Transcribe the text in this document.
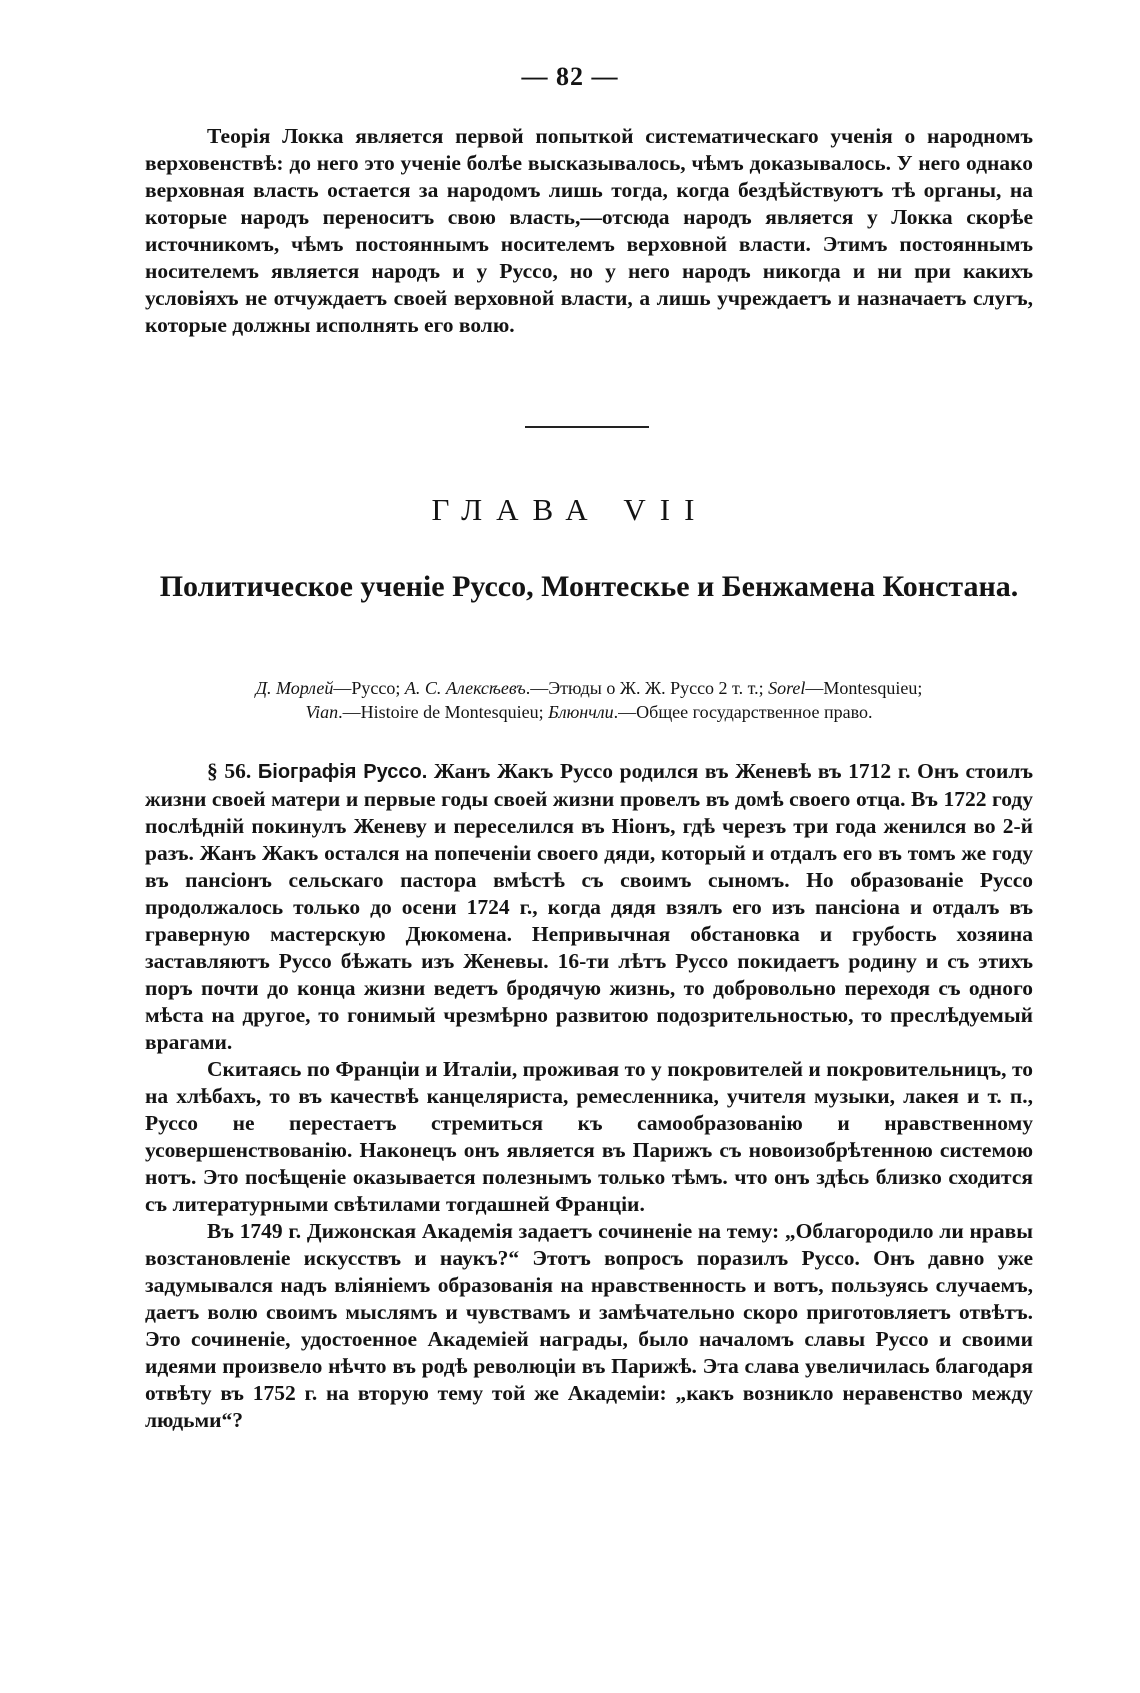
— 82 —

Теорія Локка является первой попыткой систематическаго ученія о народномъ верховенствѣ: до него это ученіе болѣе высказывалось, чѣмъ доказывалось. У него однако верховная власть остается за народомъ лишь тогда, когда бездѣйствуютъ тѣ органы, на которые народъ переноситъ свою власть,—отсюда народъ является у Локка скорѣе источникомъ, чѣмъ постояннымъ носителемъ верховной власти. Этимъ постояннымъ носителемъ является народъ и у Руссо, но у него народъ никогда и ни при какихъ условіяхъ не отчуждаетъ своей верховной власти, а лишь учреждаетъ и назначаетъ слугъ, которые должны исполнять его волю.

ГЛАВА VII
Политическое ученіе Руссо, Монтескье и Бенжамена Констана.
Д. Морлей—Руссо; А. С. Алексѣевъ.—Этюды о Ж. Ж. Руссо 2 т. т.; Sorel—Montesquieu;
Vian.—Histoire de Montesquieu; Блюнчли.—Общее государственное право.

§ 56. Біографія Руссо. Жанъ Жакъ Руссо родился въ Женевѣ въ 1712 г. Онъ стоилъ жизни своей матери и первые годы своей жизни провелъ въ домѣ своего отца. Въ 1722 году послѣдній покинулъ Женеву и переселился въ Ніонъ, гдѣ черезъ три года женился во 2-й разъ. Жанъ Жакъ остался на попеченіи своего дяди, который и отдалъ его въ томъ же году въ пансіонъ сельскаго пастора вмѣстѣ съ своимъ сыномъ. Но образованіе Руссо продолжалось только до осени 1724 г., когда дядя взялъ его изъ пансіона и отдалъ въ граверную мастерскую Дюкомена. Непривычная обстановка и грубость хозяина заставляютъ Руссо бѣжать изъ Женевы. 16-ти лѣтъ Руссо покидаетъ родину и съ этихъ поръ почти до конца жизни ведетъ бродячую жизнь, то добровольно переходя съ одного мѣста на другое, то гонимый чрезмѣрно развитою подозрительностью, то преслѣдуемый врагами.

Скитаясь по Франціи и Италіи, проживая то у покровителей и покровительницъ, то на хлѣбахъ, то въ качествѣ канцеляриста, ремесленника, учителя музыки, лакея и т. п., Руссо не перестаетъ стремиться къ самообразованію и нравственному усовершенствованію. Наконецъ онъ является въ Парижъ съ новоизобрѣтенною системою нотъ. Это посѣщеніе оказывается полезнымъ только тѣмъ. что онъ здѣсь близко сходится съ литературными свѣтилами тогдашней Франціи.

Въ 1749 г. Дижонская Академія задаетъ сочиненіе на тему: „Облагородило ли нравы возстановленіе искусствъ и наукъ?“ Этотъ вопросъ поразилъ Руссо. Онъ давно уже задумывался надъ вліяніемъ образованія на нравственность и вотъ, пользуясь случаемъ, даетъ волю своимъ мыслямъ и чувствамъ и замѣчательно скоро приготовляетъ отвѣтъ. Это сочиненіе, удостоенное Академіей награды, было началомъ славы Руссо и своими идеями произвело нѣчто въ родѣ революціи въ Парижѣ. Эта слава увеличилась благодаря отвѣту въ 1752 г. на вторую тему той же Академіи: „какъ возникло неравенство между людьми“?
